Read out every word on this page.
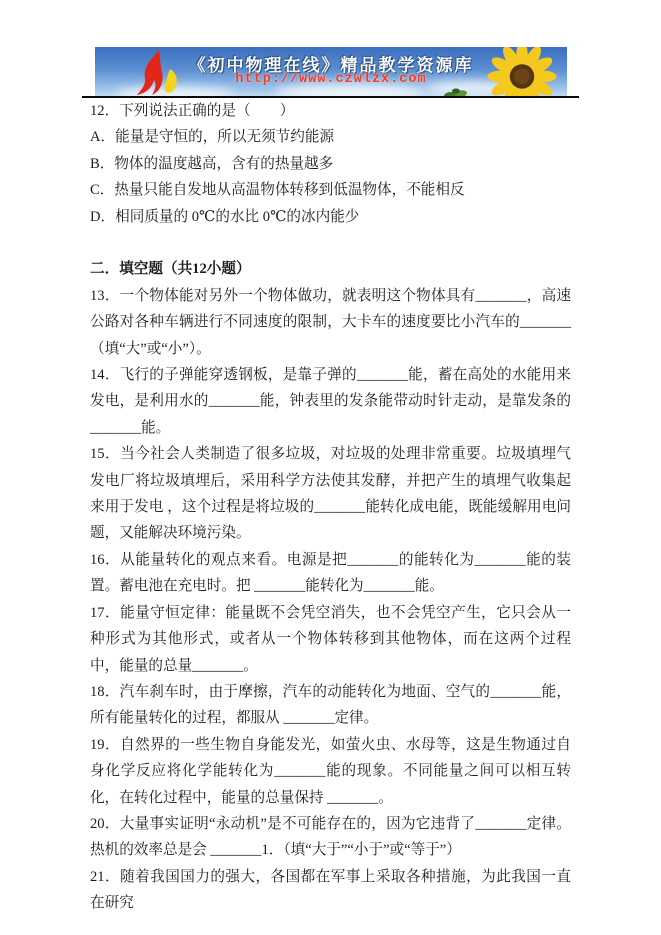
《初中物理在线》精品教学资源库
http://www.czwlzx.com

12．下列说法正确的是（　　）

A．能量是守恒的，所以无须节约能源

B．物体的温度越高，含有的热量越多

C．热量只能自发地从高温物体转移到低温物体，不能相反

D．相同质量的 0℃的水比 0℃的冰内能少

二．填空题（共12小题）

13．一个物体能对另外一个物体做功，就表明这个物体具有_______，高速公路对各种车辆进行不同速度的限制，大卡车的速度要比小汽车的_______（填“大”或“小”）。

14．飞行的子弹能穿透钢板，是靠子弹的_______能，蓄在高处的水能用来发电，是利用水的_______能，钟表里的发条能带动时针走动，是靠发条的 _______能。

15．当今社会人类制造了很多垃圾，对垃圾的处理非常重要。垃圾填埋气发电厂将垃圾填埋后，采用科学方法使其发酵，并把产生的填埋气收集起来用于发电 ，这个过程是将垃圾的_______能转化成电能，既能缓解用电问题，又能解决环境污染。

16．从能量转化的观点来看。电源是把_______的能转化为_______能的装置。蓄电池在充电时。把 _______能转化为_______能。

17．能量守恒定律：能量既不会凭空消失，也不会凭空产生，它只会从一种形式为其他形式，或者从一个物体转移到其他物体，而在这两个过程中，能量的总量_______。

18．汽车刹车时，由于摩擦，汽车的动能转化为地面、空气的_______能，所有能量转化的过程，都服从 _______定律。

19．自然界的一些生物自身能发光，如萤火虫、水母等，这是生物通过自身化学反应将化学能转化为_______能的现象。不同能量之间可以相互转化，在转化过程中，能量的总量保持 _______。

20．大量事实证明“永动机”是不可能存在的，因为它违背了_______定律。热机的效率总是会 _______1．（填“大于”“小于”或“等于”）

21．随着我国国力的强大，各国都在军事上采取各种措施，为此我国一直在研究
